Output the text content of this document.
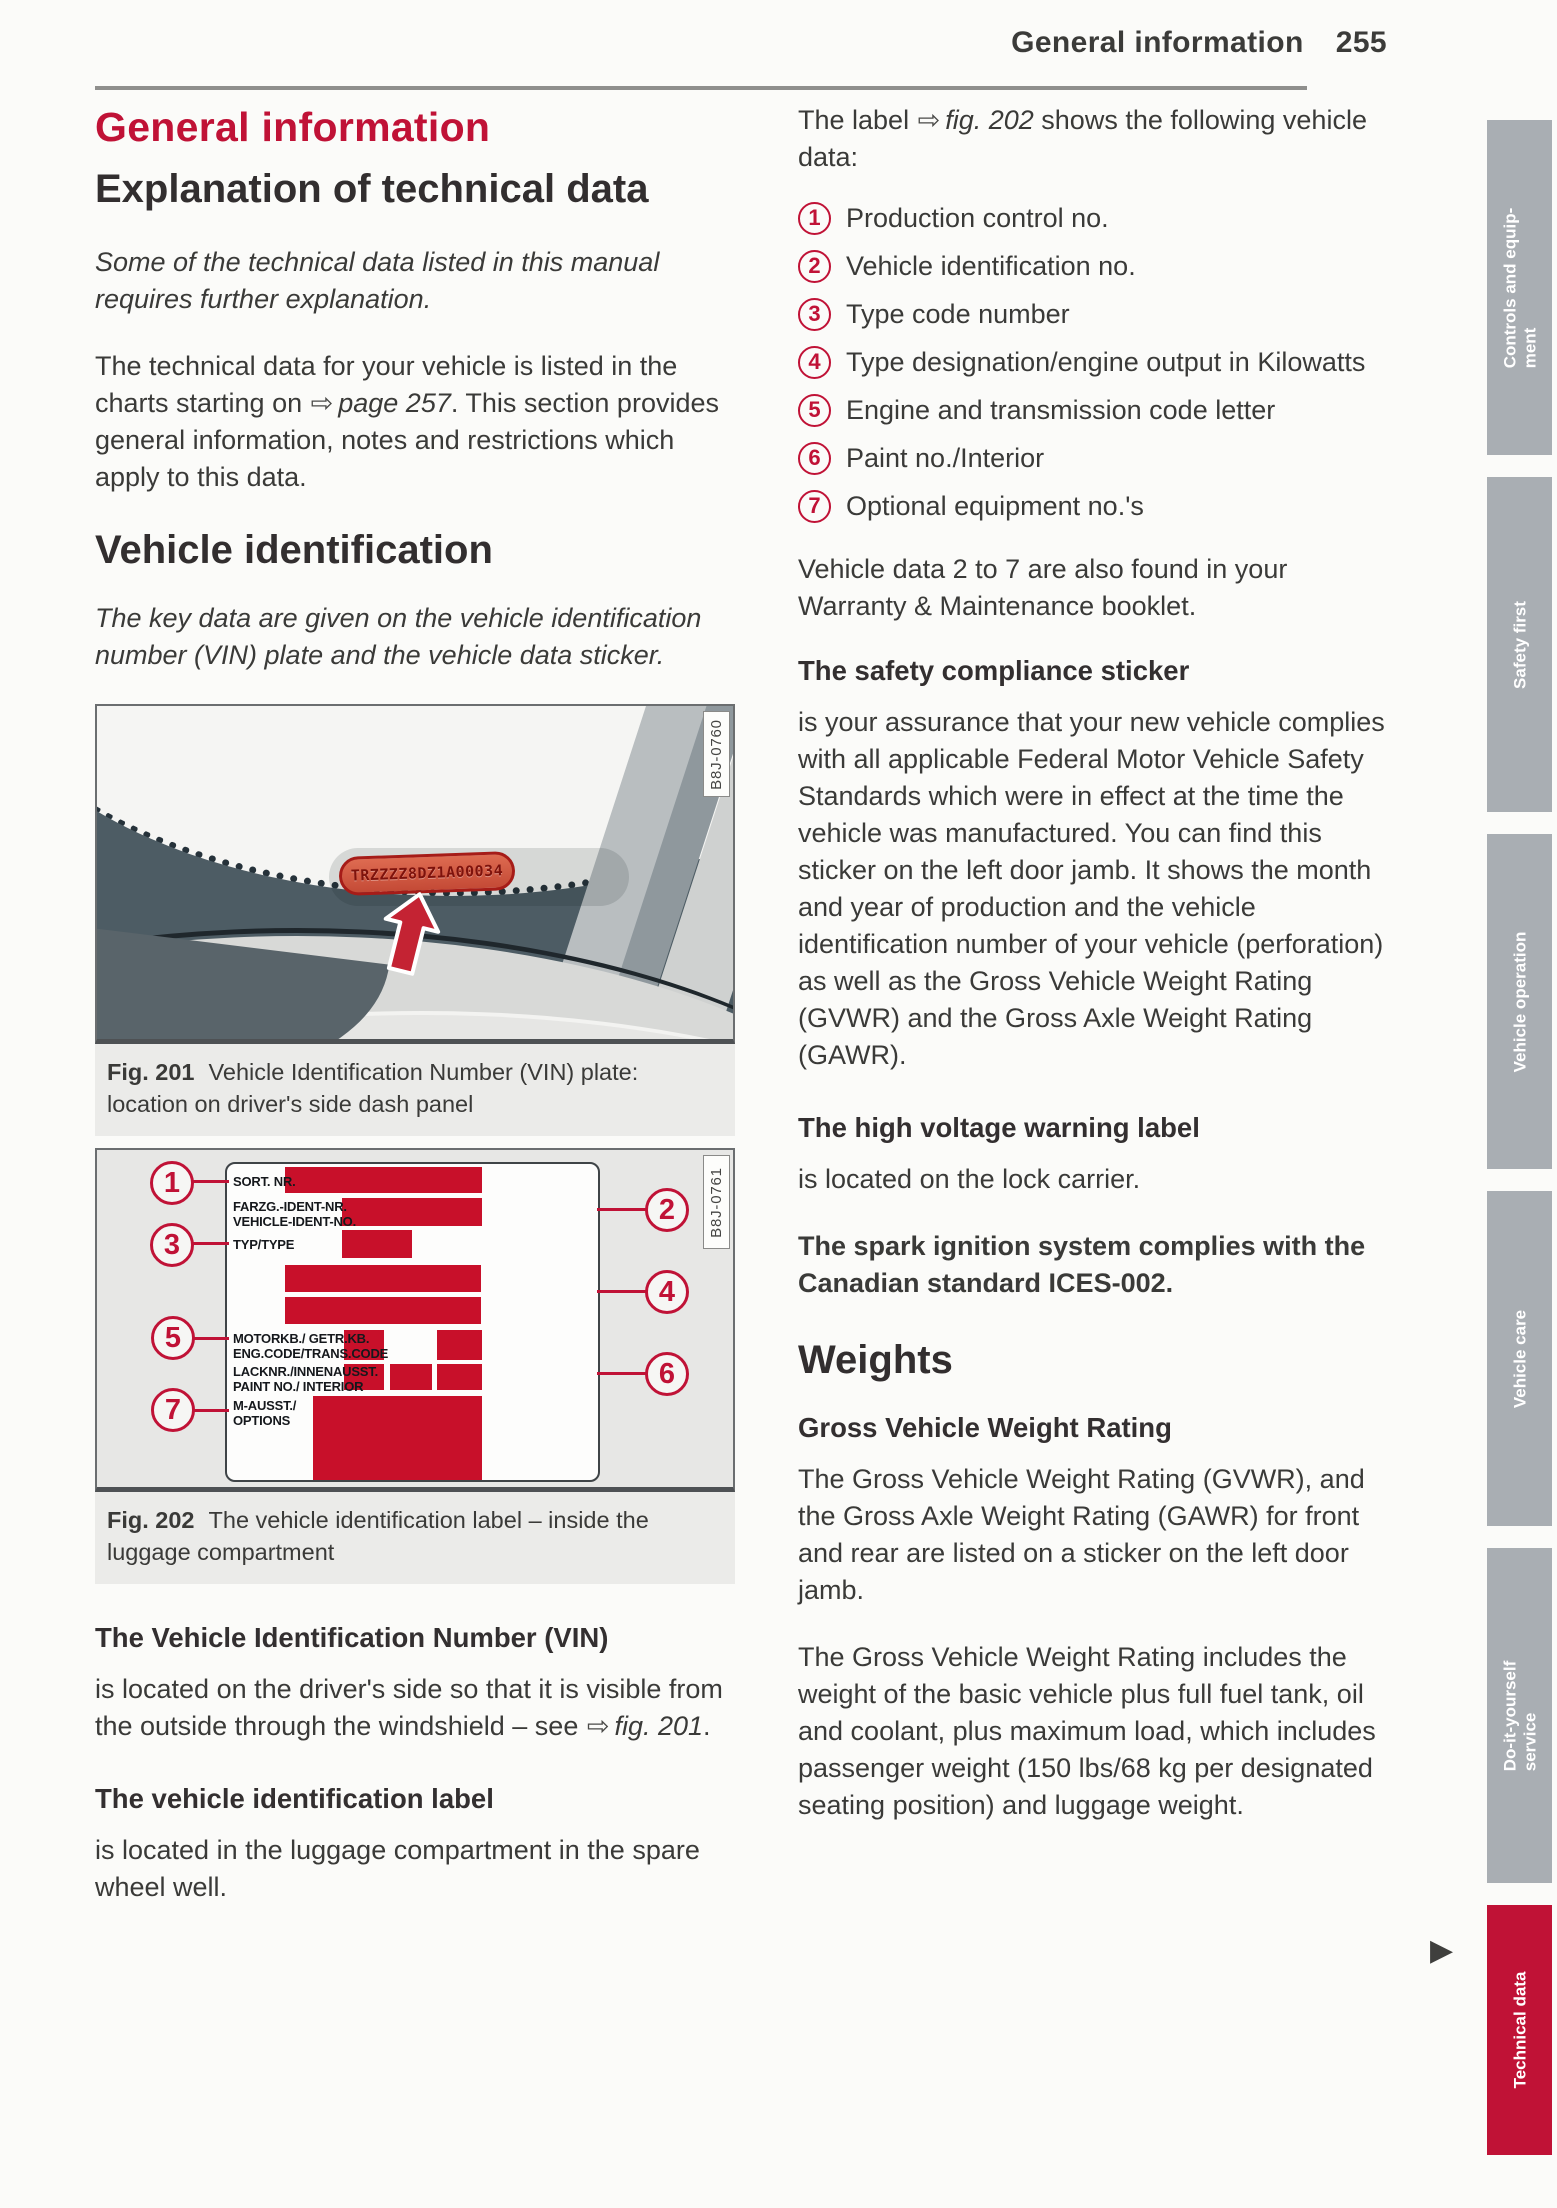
General information 255
General information
Explanation of technical data

Some of the technical data listed in this manual requires further explanation.

The technical data for your vehicle is listed in the charts starting on ⇨ page 257. This section provides general information, notes and restrictions which apply to this data.

Vehicle identification

The key data are given on the vehicle identification number (VIN) plate and the vehicle data sticker.

TRZZZZ8DZ1A00034
B8J-0760
Fig. 201 Vehicle Identification Number (VIN) plate: location on driver's side dash panel
SORT. NR.
FARZG.-IDENT-NR.
VEHICLE-IDENT-NO.
TYP/TYPE
MOTORKB./ GETR.KB.
ENG.CODE/TRANS.CODE
LACKNR./INNENAUSST.
PAINT NO./ INTERIOR
M-AUSST./
OPTIONS
1
3
5
7
2
4
6
B8J-0761
Fig. 202 The vehicle identification label – inside the luggage compartment
The Vehicle Identification Number (VIN)

is located on the driver's side so that it is visible from the outside through the windshield – see ⇨ fig. 201.

The vehicle identification label

is located in the luggage compartment in the spare wheel well.

The label ⇨ fig. 202 shows the following vehicle data:

1 Production control no.
2 Vehicle identification no.
3 Type code number
4 Type designation/engine output in Kilowatts
5 Engine and transmission code letter
6 Paint no./Interior
7 Optional equipment no.'s

Vehicle data 2 to 7 are also found in your Warranty & Maintenance booklet.

The safety compliance sticker

is your assurance that your new vehicle complies with all applicable Federal Motor Vehicle Safety Standards which were in effect at the time the vehicle was manufactured. You can find this sticker on the left door jamb. It shows the month and year of production and the vehicle identification number of your vehicle (perforation) as well as the Gross Vehicle Weight Rating (GVWR) and the Gross Axle Weight Rating (GAWR).

The high voltage warning label

is located on the lock carrier.

The spark ignition system complies with the Canadian standard ICES-002.

Weights
Gross Vehicle Weight Rating

The Gross Vehicle Weight Rating (GVWR), and the Gross Axle Weight Rating (GAWR) for front and rear are listed on a sticker on the left door jamb.

The Gross Vehicle Weight Rating includes the weight of the basic vehicle plus full fuel tank, oil and coolant, plus maximum load, which includes passenger weight (150 lbs/68 kg per designated seating position) and luggage weight.

▶
Controls and equip- ment
Safety first
Vehicle operation
Vehicle care
Do-it-yourself service
Technical data
